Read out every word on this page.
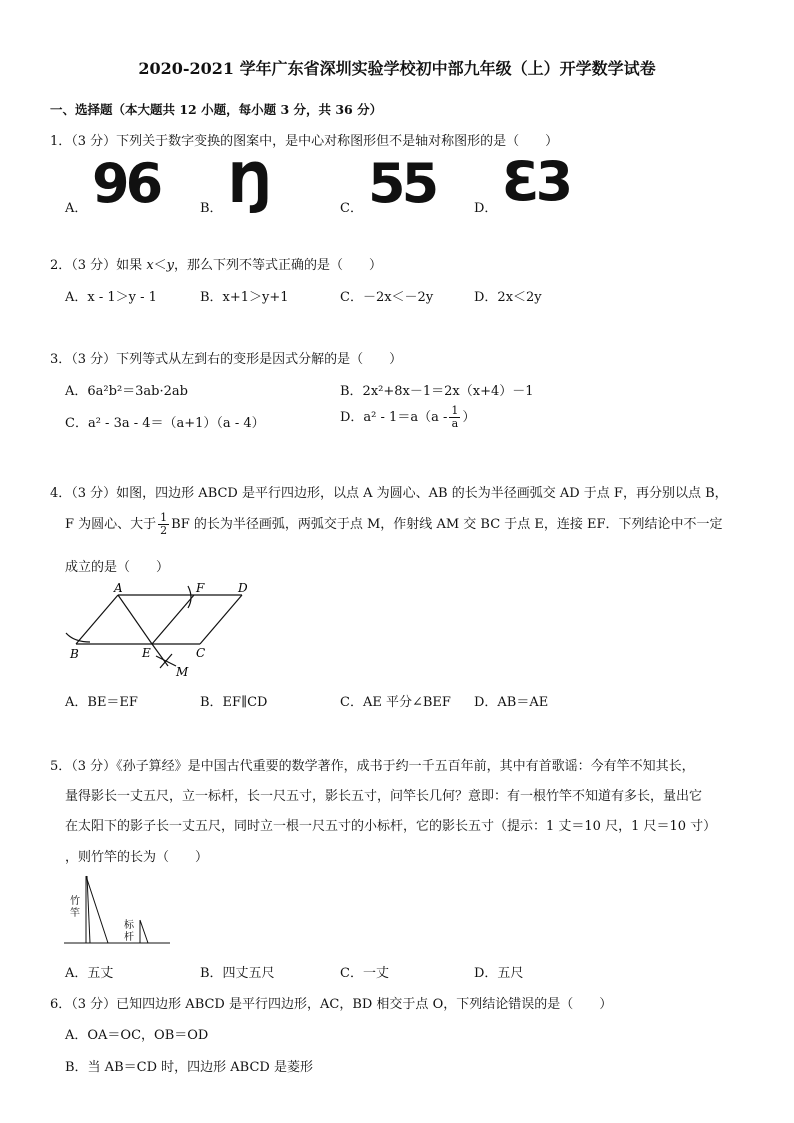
2020-2021 学年广东省深圳实验学校初中部九年级（上）开学数学试卷
一、选择题（本大题共 12 小题，每小题 3 分，共 36 分）
1．（3 分）下列关于数字变换的图案中，是中心对称图形但不是轴对称图形的是（　　）
A． 96	B． Ŋ	C． 55	D． Ɛ3
2．（3 分）如果 x＜y，那么下列不等式正确的是（　　）
A．x - 1＞y - 1	B．x+1＞y+1	C．－2x＜－2y	D．2x＜2y
3．（3 分）下列等式从左到右的变形是因式分解的是（　　）
A．6a²b²＝3ab·2ab	B．2x²+8x－1＝2x（x+4）－1
C．a² - 3a - 4＝（a+1）（a - 4）	D．$a^2 - 1=a(a - \frac{1}{a}$ ）
4．（3 分）如图，四边形 ABCD 是平行四边形，以点 A 为圆心、AB 的长为半径画弧交 AD 于点 F，再分别以点 B，
F 为圆心、大于 $\frac{1}{2}$ BF 的长为半径画弧，两弧交于点 M，作射线 AM 交 BC 于点 E，连接 EF．下列结论中不一定
成立的是（　　）
A	F	D
B	E	C
M
A．BE＝EF	B．EF∥CD	C．AE 平分∠BEF D．AB＝AE
5．（3 分）《孙子算经》是中国古代重要的数学著作，成书于约一千五百年前，其中有首歌谣：今有竿不知其长，
量得影长一丈五尺，立一标杆，长一尺五寸，影长五寸，问竿长几何？意即：有一根竹竿不知道有多长，量出它
在太阳下的影子长一丈五尺，同时立一根一尺五寸的小标杆，它的影长五寸（提示：1 丈＝10 尺，1 尺＝10 寸）
，则竹竿的长为（　　）
竹
竿
标
杆
A．五丈	B．四丈五尺	C．一丈	D．五尺
6．（3 分）已知四边形 ABCD 是平行四边形，AC，BD 相交于点 O，下列结论错误的是（　　）
A．OA＝OC，OB＝OD
B．当 AB＝CD 时，四边形 ABCD 是菱形
